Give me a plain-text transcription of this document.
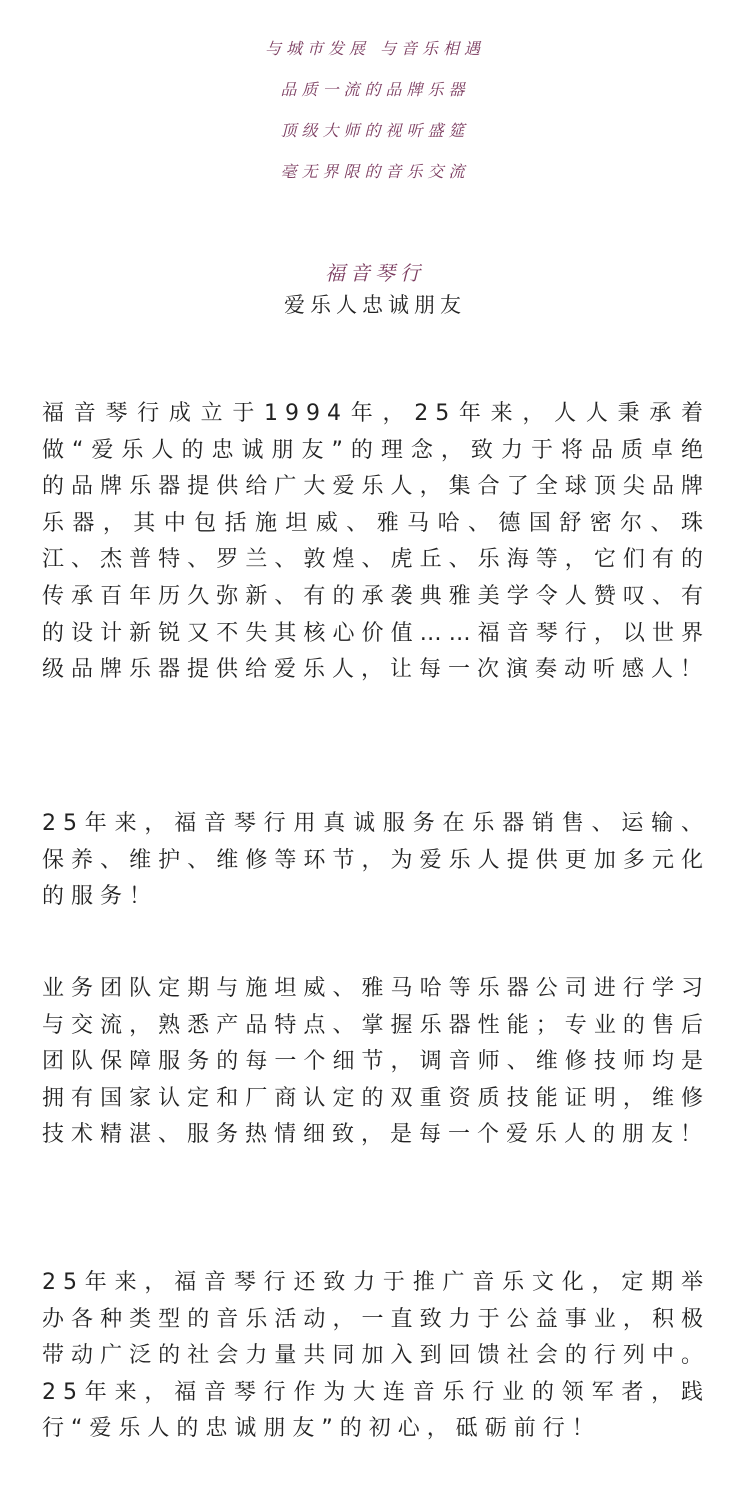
与城市发展 与音乐相遇
品质一流的品牌乐器
顶级大师的视听盛筵
毫无界限的音乐交流
福音琴行
爱乐人忠诚朋友

福音琴行成立于1994年，25年来，人人秉承着做“爱乐人的忠诚朋友”的理念，致力于将品质卓绝的品牌乐器提供给广大爱乐人，集合了全球顶尖品牌乐器，其中包括施坦威、雅马哈、德国舒密尔、珠江、杰普特、罗兰、敦煌、虎丘、乐海等，它们有的传承百年历久弥新、有的承袭典雅美学令人赞叹、有的设计新锐又不失其核心价值……福音琴行，以世界级品牌乐器提供给爱乐人，让每一次演奏动听感人！

25年来，福音琴行用真诚服务在乐器销售、运输、保养、维护、维修等环节，为爱乐人提供更加多元化的服务！

业务团队定期与施坦威、雅马哈等乐器公司进行学习与交流，熟悉产品特点、掌握乐器性能；专业的售后团队保障服务的每一个细节，调音师、维修技师均是拥有国家认定和厂商认定的双重资质技能证明，维修技术精湛、服务热情细致，是每一个爱乐人的朋友！

25年来，福音琴行还致力于推广音乐文化，定期举办各种类型的音乐活动，一直致力于公益事业，积极带动广泛的社会力量共同加入到回馈社会的行列中。25年来，福音琴行作为大连音乐行业的领军者，践行“爱乐人的忠诚朋友”的初心，砥砺前行！
